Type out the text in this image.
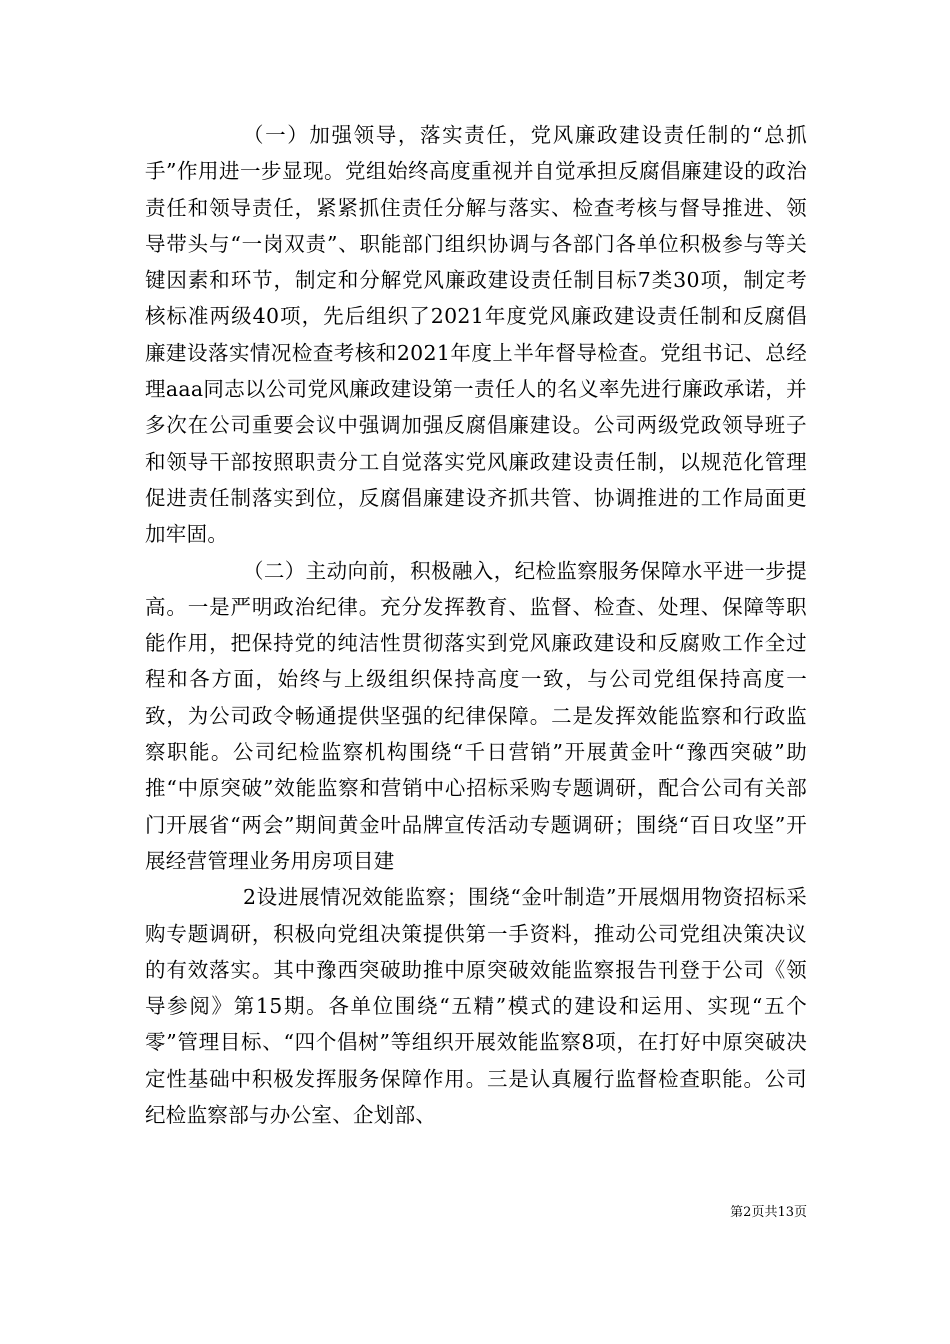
（一）加强领导，落实责任，党风廉政建设责任制的“总抓手”作用进一步显现。党组始终高度重视并自觉承担反腐倡廉建设的政治责任和领导责任，紧紧抓住责任分解与落实、检查考核与督导推进、领导带头与“一岗双责”、职能部门组织协调与各部门各单位积极参与等关键因素和环节，制定和分解党风廉政建设责任制目标7类30项，制定考核标准两级40项，先后组织了2021年度党风廉政建设责任制和反腐倡廉建设落实情况检查考核和2021年度上半年督导检查。党组书记、总经理aaa同志以公司党风廉政建设第一责任人的名义率先进行廉政承诺，并多次在公司重要会议中强调加强反腐倡廉建设。公司两级党政领导班子和领导干部按照职责分工自觉落实党风廉政建设责任制，以规范化管理促进责任制落实到位，反腐倡廉建设齐抓共管、协调推进的工作局面更加牢固。

（二）主动向前，积极融入，纪检监察服务保障水平进一步提高。一是严明政治纪律。充分发挥教育、监督、检查、处理、保障等职能作用，把保持党的纯洁性贯彻落实到党风廉政建设和反腐败工作全过程和各方面，始终与上级组织保持高度一致，与公司党组保持高度一致，为公司政令畅通提供坚强的纪律保障。二是发挥效能监察和行政监察职能。公司纪检监察机构围绕“千日营销”开展黄金叶“豫西突破”助推“中原突破”效能监察和营销中心招标采购专题调研，配合公司有关部门开展省“两会”期间黄金叶品牌宣传活动专题调研；围绕“百日攻坚”开展经营管理业务用房项目建

2设进展情况效能监察；围绕“金叶制造”开展烟用物资招标采购专题调研，积极向党组决策提供第一手资料，推动公司党组决策决议的有效落实。其中豫西突破助推中原突破效能监察报告刊登于公司《领导参阅》第15期。各单位围绕“五精”模式的建设和运用、实现“五个零”管理目标、“四个倡树”等组织开展效能监察8项，在打好中原突破决定性基础中积极发挥服务保障作用。三是认真履行监督检查职能。公司纪检监察部与办公室、企划部、

第2页共13页
